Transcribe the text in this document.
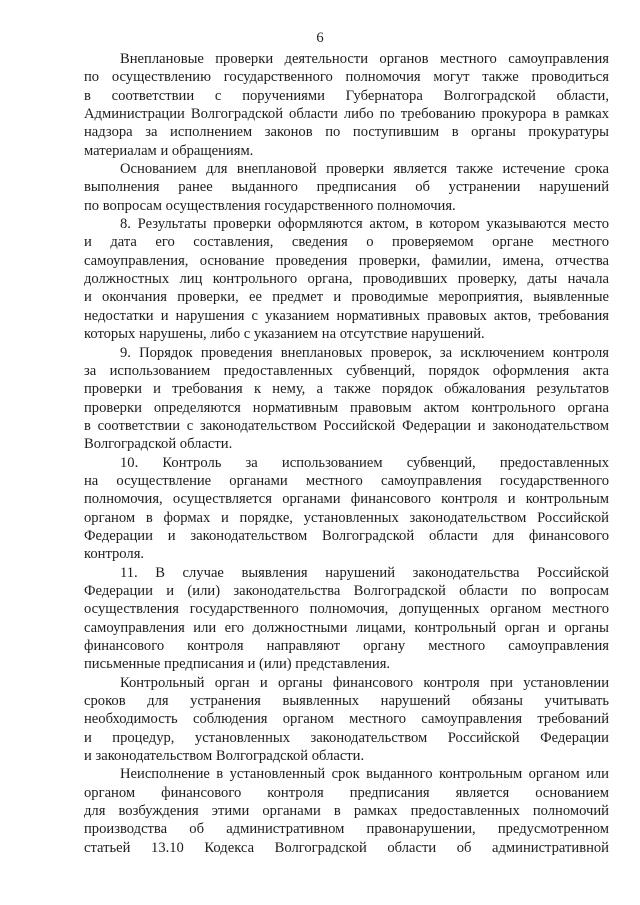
6
Внеплановые проверки деятельности органов местного самоуправления
по осуществлению государственного полномочия могут также проводиться
в соответствии с поручениями Губернатора Волгоградской области,
Администрации Волгоградской области либо по требованию прокурора в рамках
надзора за исполнением законов по поступившим в органы прокуратуры
материалам и обращениям.
Основанием для внеплановой проверки является также истечение срока
выполнения ранее выданного предписания об устранении нарушений
по вопросам осуществления государственного полномочия.
8. Результаты проверки оформляются актом, в котором указываются место
и дата его составления, сведения о проверяемом органе местного
самоуправления, основание проведения проверки, фамилии, имена, отчества
должностных лиц контрольного органа, проводивших проверку, даты начала
и окончания проверки, ее предмет и проводимые мероприятия, выявленные
недостатки и нарушения с указанием нормативных правовых актов, требования
которых нарушены, либо с указанием на отсутствие нарушений.
9. Порядок проведения внеплановых проверок, за исключением контроля
за использованием предоставленных субвенций, порядок оформления акта
проверки и требования к нему, а также порядок обжалования результатов
проверки определяются нормативным правовым актом контрольного органа
в соответствии с законодательством Российской Федерации и законодательством
Волгоградской области.
10. Контроль за использованием субвенций, предоставленных
на осуществление органами местного самоуправления государственного
полномочия, осуществляется органами финансового контроля и контрольным
органом в формах и порядке, установленных законодательством Российской
Федерации и законодательством Волгоградской области для финансового
контроля.
11. В случае выявления нарушений законодательства Российской
Федерации и (или) законодательства Волгоградской области по вопросам
осуществления государственного полномочия, допущенных органом местного
самоуправления или его должностными лицами, контрольный орган и органы
финансового контроля направляют органу местного самоуправления
письменные предписания и (или) представления.
Контрольный орган и органы финансового контроля при установлении
сроков для устранения выявленных нарушений обязаны учитывать
необходимость соблюдения органом местного самоуправления требований
и процедур, установленных законодательством Российской Федерации
и законодательством Волгоградской области.
Неисполнение в установленный срок выданного контрольным органом или
органом финансового контроля предписания является основанием
для возбуждения этими органами в рамках предоставленных полномочий
производства об административном правонарушении, предусмотренном
статьей 13.10 Кодекса Волгоградской области об административной
